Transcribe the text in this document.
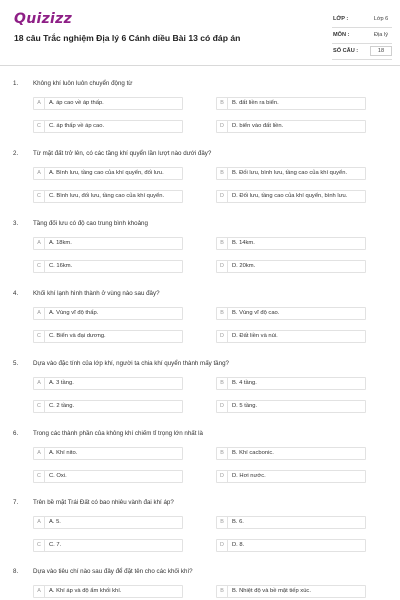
Quizizz
18 câu Trắc nghiệm Địa lý 6 Cánh diều Bài 13 có đáp án
LỚP :	Lớp 6
MÔN :	Địa lý
SỐ CÂU :	18
1. Không khí luôn luôn chuyển động từ
A	A. áp cao về áp thấp.	B	B. đất liền ra biển.
C	C. áp thấp về áp cao.	D	D. biển vào đất liền.
2. Từ mặt đất trở lên, có các tầng khí quyển lần lượt nào dưới đây?
A	A. Bình lưu, tầng cao của khí quyển, đối lưu.	B	B. Đối lưu, bình lưu, tầng cao của khí quyển.
C	C. Bình lưu, đối lưu, tầng cao của khí quyển.	D	D. Đối lưu, tầng cao của khí quyển, bình lưu.
3. Tầng đối lưu có độ cao trung bình khoảng
A	A. 18km.	B	B. 14km.
C	C. 16km.	D	D. 20km.
4. Khối khí lạnh hình thành ở vùng nào sau đây?
A	A. Vùng vĩ độ thấp.	B	B. Vùng vĩ độ cao.
C	C. Biển và đại dương.	D	D. Đất liền và núi.
5. Dựa vào đặc tính của lớp khí, người ta chia khí quyển thành mấy tầng?
A	A. 3 tầng.	B	B. 4 tầng.
C	C. 2 tầng.	D	D. 5 tầng.
6. Trong các thành phần của không khí chiếm tỉ trọng lớn nhất là
A	A. Khí nito.	B	B. Khí cacbonic.
C	C. Oxi.	D	D. Hơi nước.
7. Trên bề mặt Trái Đất có bao nhiêu vành đai khí áp?
A	A. 5.	B	B. 6.
C	C. 7.	D	D. 8.
8. Dựa vào tiêu chí nào sau đây để đặt tên cho các khối khí?
A	A. Khí áp và độ ẩm khối khí.	B	B. Nhiệt độ và bề mặt tiếp xúc.
